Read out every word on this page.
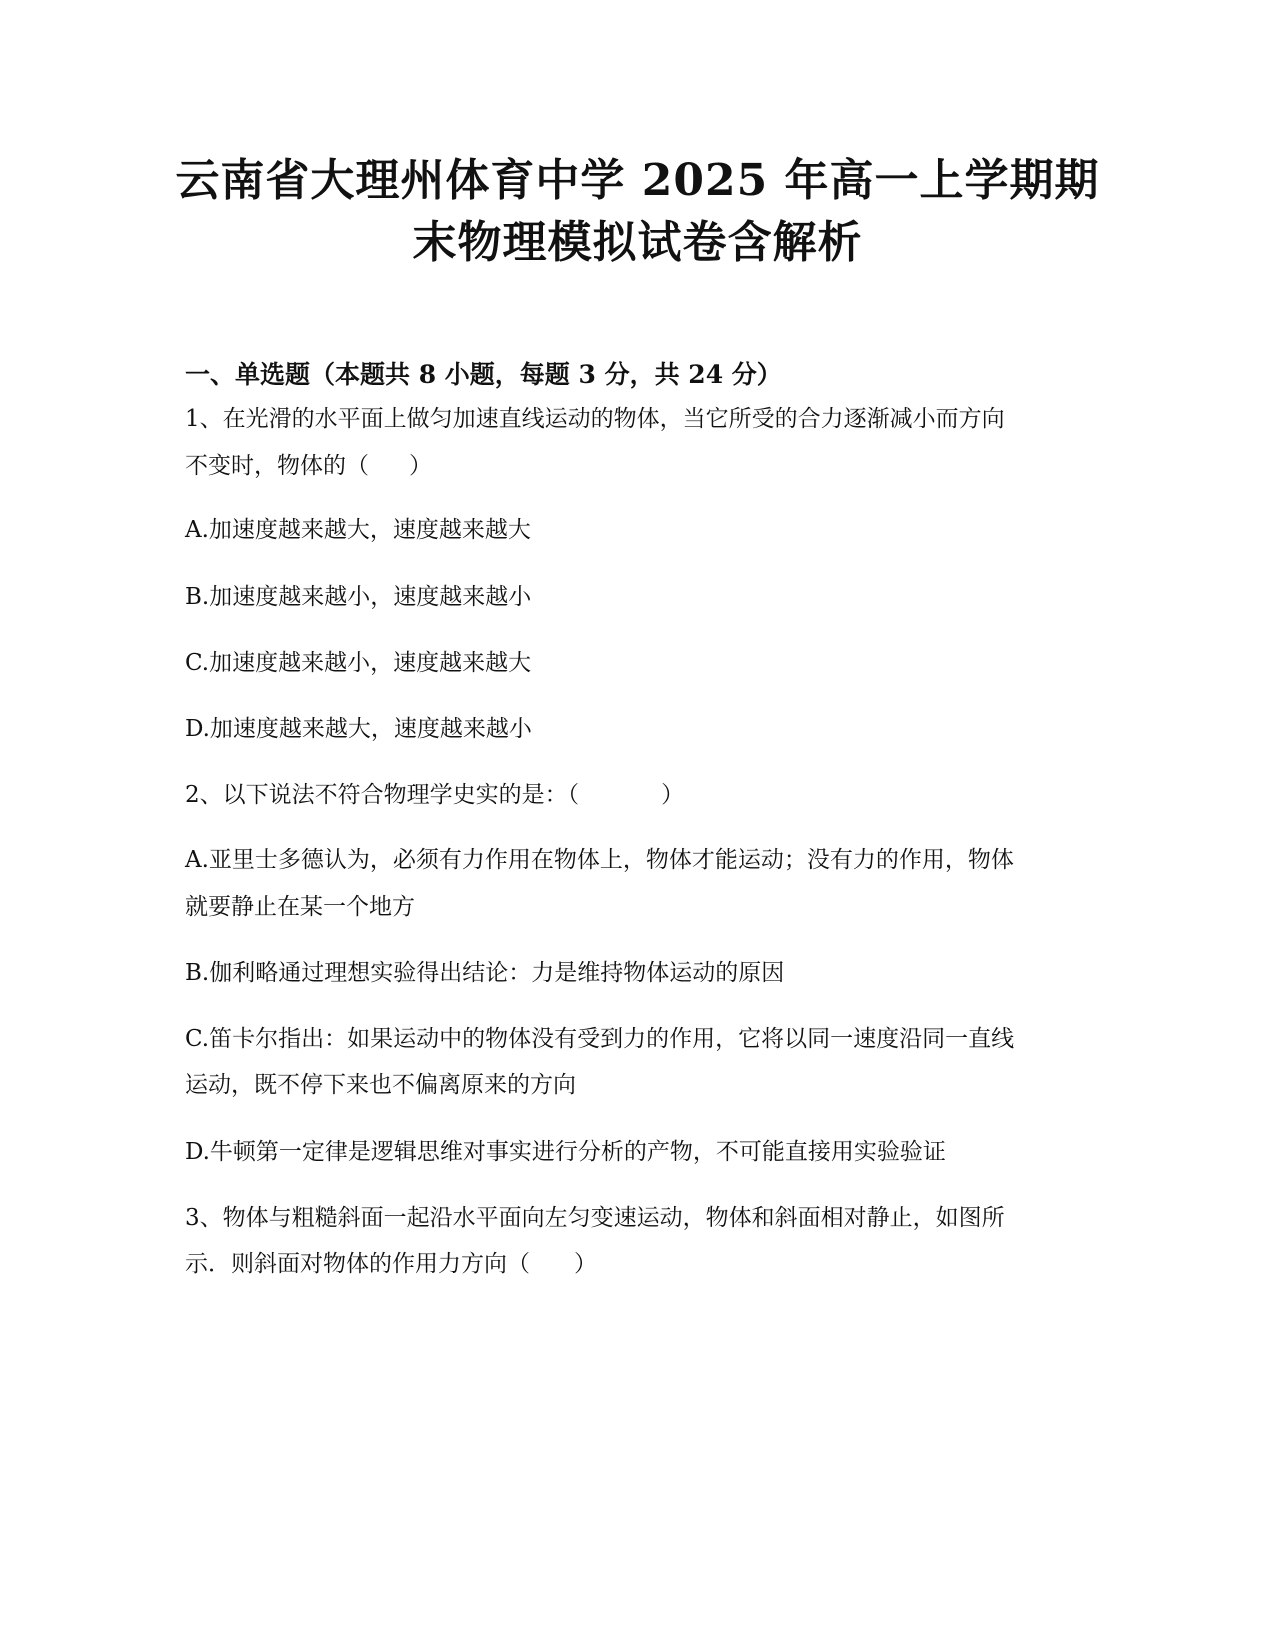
云南省大理州体育中学 2025 年高一上学期期
末物理模拟试卷含解析
一、单选题（本题共 8 小题，每题 3 分，共 24 分）

1、在光滑的水平面上做匀加速直线运动的物体，当它所受的合力逐渐减小而方向

不变时，物体的（ ）

A.加速度越来越大，速度越来越大

B.加速度越来越小，速度越来越小

C.加速度越来越小，速度越来越大

D.加速度越来越大，速度越来越小

2、以下说法不符合物理学史实的是：（	）

A.亚里士多德认为，必须有力作用在物体上，物体才能运动；没有力的作用，物体

就要静止在某一个地方

B.伽利略通过理想实验得出结论：力是维持物体运动的原因

C.笛卡尔指出：如果运动中的物体没有受到力的作用，它将以同一速度沿同一直线

运动，既不停下来也不偏离原来的方向

D.牛顿第一定律是逻辑思维对事实进行分析的产物，不可能直接用实验验证

3、物体与粗糙斜面一起沿水平面向左匀变速运动，物体和斜面相对静止，如图所

示．则斜面对物体的作用力方向（ ）
